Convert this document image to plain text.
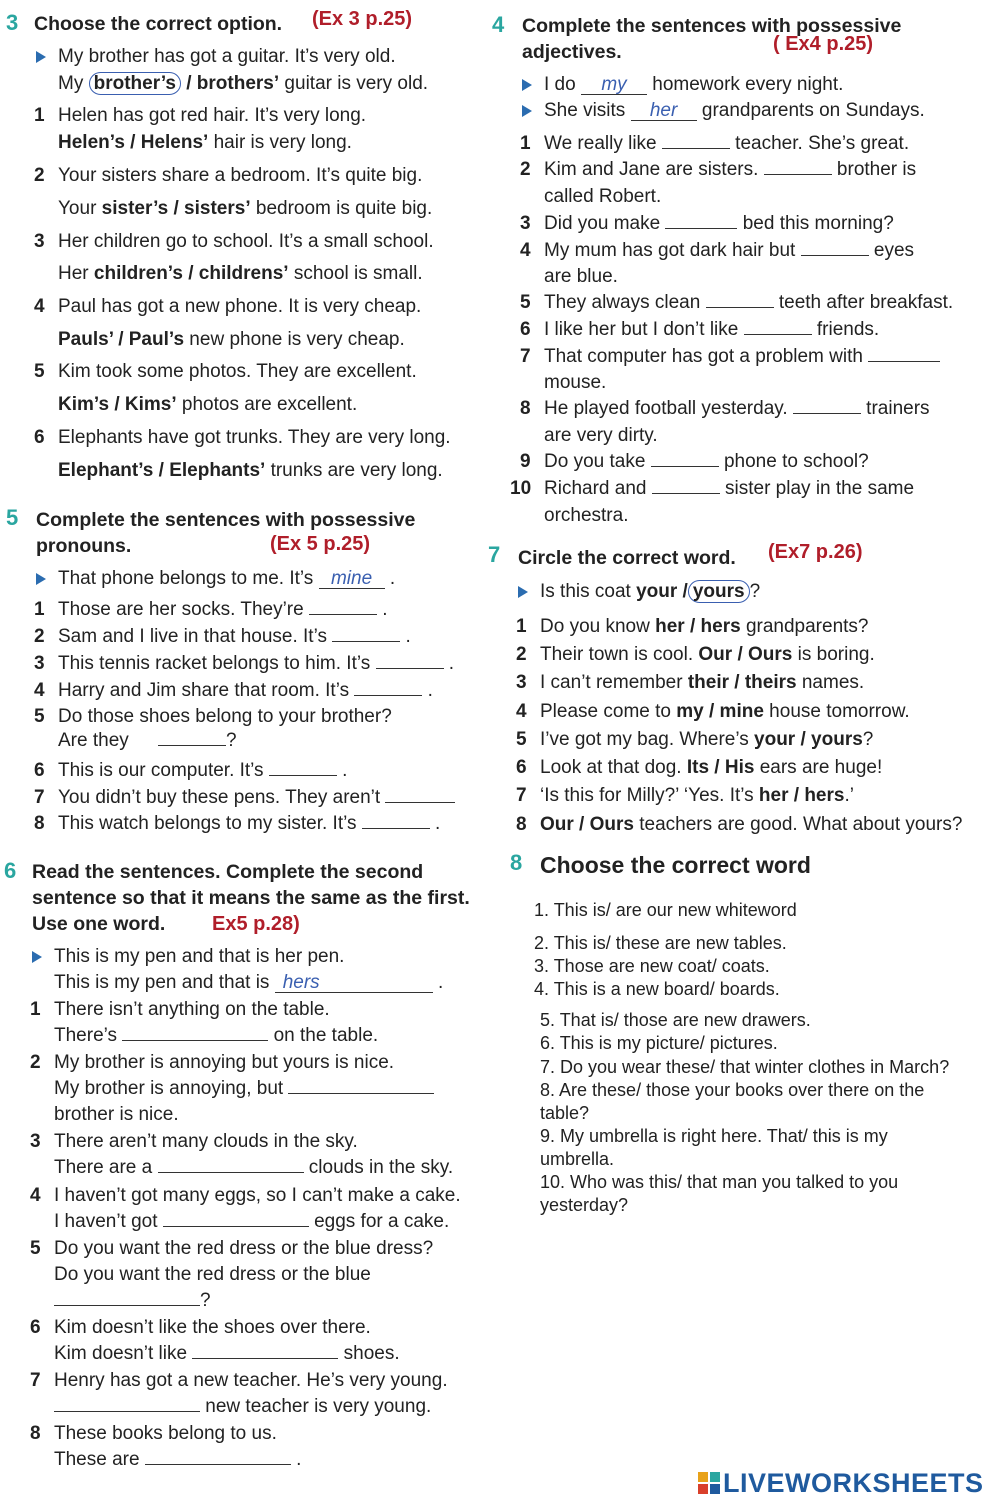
3 Choose the correct option. (Ex 3 p.25)
My brother has got a guitar. It’s very old.
My brother’s / brothers’ guitar is very old.
1 Helen has got red hair. It’s very long.
Helen’s / Helens’ hair is very long.
2 Your sisters share a bedroom. It’s quite big.
Your sister’s / sisters’ bedroom is quite big.
3 Her children go to school. It’s a small school.
Her children’s / childrens’ school is small.
4 Paul has got a new phone. It is very cheap.
Pauls’ / Paul’s new phone is very cheap.
5 Kim took some photos. They are excellent.
Kim’s / Kims’ photos are excellent.
6 Elephants have got trunks. They are very long.
Elephant’s / Elephants’ trunks are very long.
5 Complete the sentences with possessive
pronouns.	(Ex 5 p.25)
That phone belongs to me. It’s mine .
1 Those are her socks. They’re	.
2 Sam and I live in that house. It’s	.
3 This tennis racket belongs to him. It’s	.
4 Harry and Jim share that room. It’s	.
5 Do those shoes belong to your brother?
Are they	?
6 This is our computer. It’s	.
7 You didn’t buy these pens. They aren’t
8 This watch belongs to my sister. It’s	.
6 Read the sentences. Complete the second
sentence so that it means the same as the first.
Use one word. Ex5 p.28)
This is my pen and that is her pen.
This is my pen and that is hers	.
1 There isn’t anything on the table.
There’s	on the table.
2 My brother is annoying but yours is nice.
My brother is annoying, but
brother is nice.
3 There aren’t many clouds in the sky.
There are a	clouds in the sky.
4 I haven’t got many eggs, so I can’t make a cake.
I haven’t got	eggs for a cake.
5 Do you want the red dress or the blue dress?
Do you want the red dress or the blue
?
6 Kim doesn’t like the shoes over there.
Kim doesn’t like	shoes.
7 Henry has got a new teacher. He’s very young.
new teacher is very young.
8 These books belong to us.
These are	.
4 Complete the sentences with possessive
adjectives.	( Ex4 p.25)
I do my homework every night.
She visits her grandparents on Sundays.
1 We really like	teacher. She’s great.
2 Kim and Jane are sisters.	brother is
called Robert.
3 Did you make	bed this morning?
4 My mum has got dark hair but	eyes
are blue.
5 They always clean	teeth after breakfast.
6 I like her but I don’t like	friends.
7 That computer has got a problem with
mouse.
8 He played football yesterday.	trainers
are very dirty.
9 Do you take	phone to school?
10 Richard and	sister play in the same
orchestra.
7 Circle the correct word. (Ex7 p.26)
Is this coat your / yours ?
1 Do you know her / hers grandparents?
2 Their town is cool. Our / Ours is boring.
3 I can’t remember their / theirs names.
4 Please come to my / mine house tomorrow.
5 I’ve got my bag. Where’s your / yours?
6 Look at that dog. Its / His ears are huge!
7 ‘Is this for Milly?’ ‘Yes. It’s her / hers.’
8 Our / Ours teachers are good. What about yours?
8 Choose the correct word
1. This is/ are our new whiteword
2. This is/ these are new tables.
3. Those are new coat/ coats.
4. This is a new board/ boards.
5. That is/ those are new drawers.
6. This is my picture/ pictures.
7. Do you wear these/ that winter clothes in March?
8. Are these/ those your books over there on the
table?
9. My umbrella is right here. That/ this is my
umbrella.
10. Who was this/ that man you talked to you
yesterday?
LIVEWORKSHEETS
